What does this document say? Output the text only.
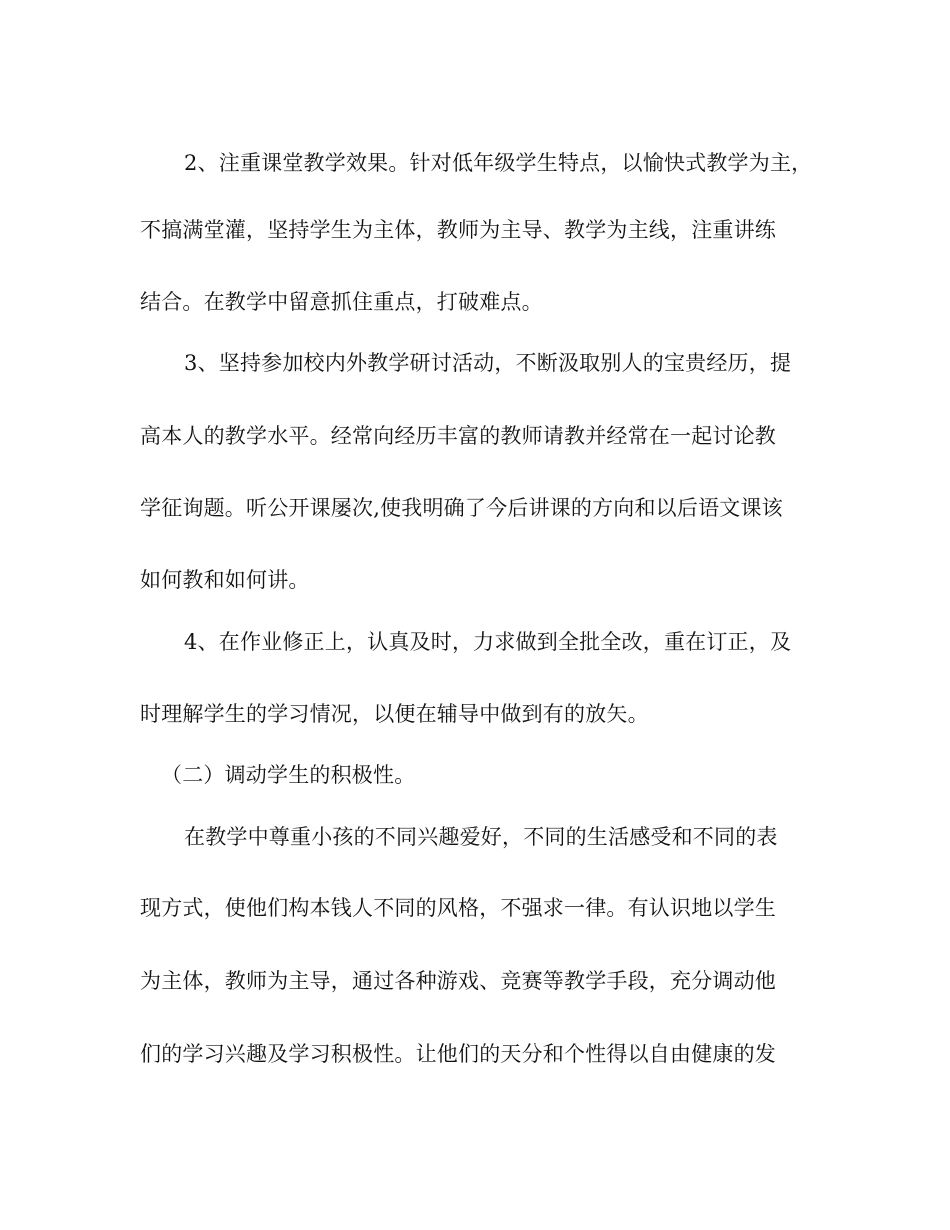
2、注重课堂教学效果。针对低年级学生特点，以愉快式教学为主，
不搞满堂灌，坚持学生为主体，教师为主导、教学为主线，注重讲练
结合。在教学中留意抓住重点，打破难点。
3、坚持参加校内外教学研讨活动，不断汲取别人的宝贵经历，提
高本人的教学水平。经常向经历丰富的教师请教并经常在一起讨论教
学征询题。听公开课屡次,使我明确了今后讲课的方向和以后语文课该
如何教和如何讲。
4、在作业修正上，认真及时，力求做到全批全改，重在订正，及
时理解学生的学习情况，以便在辅导中做到有的放矢。
（二）调动学生的积极性。
在教学中尊重小孩的不同兴趣爱好，不同的生活感受和不同的表
现方式，使他们构本钱人不同的风格，不强求一律。有认识地以学生
为主体，教师为主导，通过各种游戏、竞赛等教学手段，充分调动他
们的学习兴趣及学习积极性。让他们的天分和个性得以自由健康的发
